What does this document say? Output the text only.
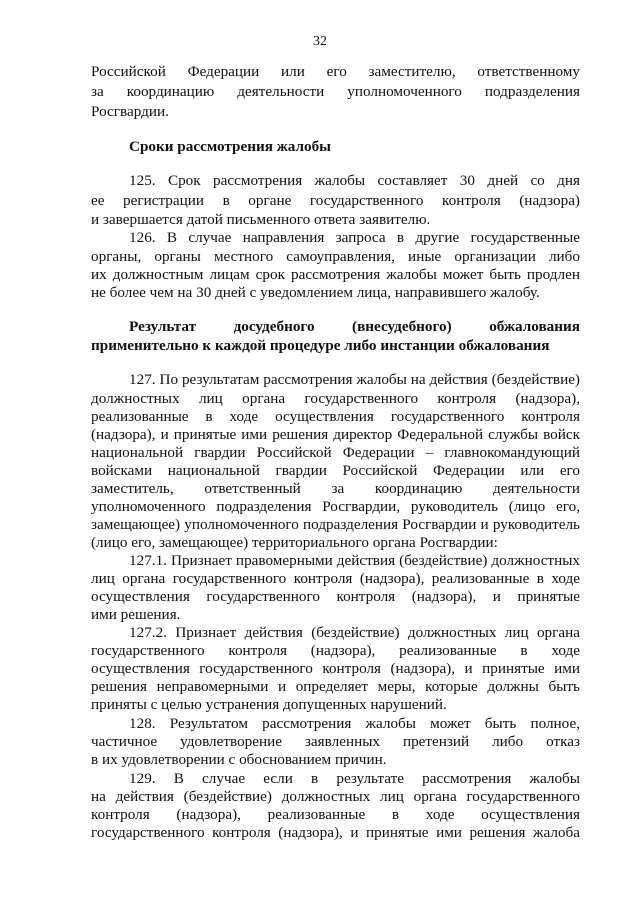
32
Российской Федерации или его заместителю, ответственному
за координацию деятельности уполномоченного подразделения
Росгвардии.
Сроки рассмотрения жалобы
125. Срок рассмотрения жалобы составляет 30 дней со дня
ее регистрации в органе государственного контроля (надзора)
и завершается датой письменного ответа заявителю.
126. В случае направления запроса в другие государственные
органы, органы местного самоуправления, иные организации либо
их должностным лицам срок рассмотрения жалобы может быть продлен
не более чем на 30 дней с уведомлением лица, направившего жалобу.
Результат досудебного (внесудебного) обжалования
применительно к каждой процедуре либо инстанции обжалования
127. По результатам рассмотрения жалобы на действия (бездействие)
должностных лиц органа государственного контроля (надзора),
реализованные в ходе осуществления государственного контроля
(надзора), и принятые ими решения директор Федеральной службы войск
национальной гвардии Российской Федерации – главнокомандующий
войсками национальной гвардии Российской Федерации или его
заместитель, ответственный за координацию деятельности
уполномоченного подразделения Росгвардии, руководитель (лицо его,
замещающее) уполномоченного подразделения Росгвардии и руководитель
(лицо его, замещающее) территориального органа Росгвардии:
127.1. Признает правомерными действия (бездействие) должностных
лиц органа государственного контроля (надзора), реализованные в ходе
осуществления государственного контроля (надзора), и принятые
ими решения.
127.2. Признает действия (бездействие) должностных лиц органа
государственного контроля (надзора), реализованные в ходе
осуществления государственного контроля (надзора), и принятые ими
решения неправомерными и определяет меры, которые должны быть
приняты с целью устранения допущенных нарушений.
128. Результатом рассмотрения жалобы может быть полное,
частичное удовлетворение заявленных претензий либо отказ
в их удовлетворении с обоснованием причин.
129. В случае если в результате рассмотрения жалобы
на действия (бездействие) должностных лиц органа государственного
контроля (надзора), реализованные в ходе осуществления
государственного контроля (надзора), и принятые ими решения жалоба
